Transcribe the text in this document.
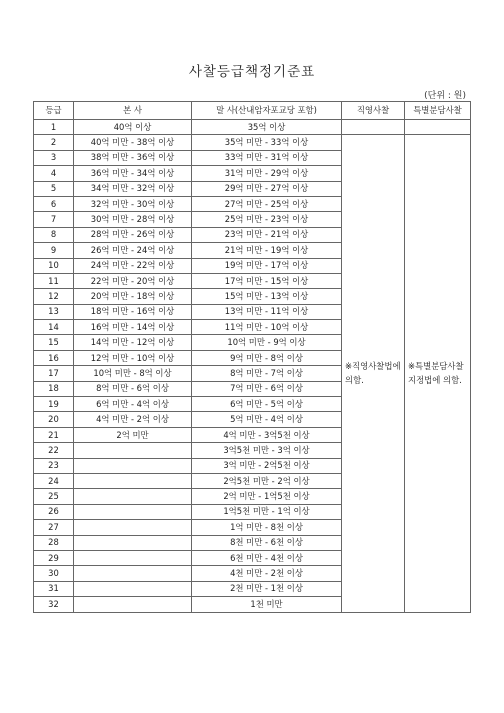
사찰등급책정기준표
(단위 : 원)
등급	본 사	말 사(산내암자포교당 포함)	직영사찰	특별분담사찰
1	40억 이상	35억 이상		
2	40억 미만 - 38억 이상	35억 미만 - 33억 이상	※직영사찰법에 의함.	※특별분담사찰지정법에 의함.
3	38억 미만 - 36억 이상	33억 미만 - 31억 이상		
4	36억 미만 - 34억 이상	31억 미만 - 29억 이상		
5	34억 미만 - 32억 이상	29억 미만 - 27억 이상		
6	32억 미만 - 30억 이상	27억 미만 - 25억 이상		
7	30억 미만 - 28억 이상	25억 미만 - 23억 이상		
8	28억 미만 - 26억 이상	23억 미만 - 21억 이상		
9	26억 미만 - 24억 이상	21억 미만 - 19억 이상		
10	24억 미만 - 22억 이상	19억 미만 - 17억 이상		
11	22억 미만 - 20억 이상	17억 미만 - 15억 이상		
12	20억 미만 - 18억 이상	15억 미만 - 13억 이상		
13	18억 미만 - 16억 이상	13억 미만 - 11억 이상		
14	16억 미만 - 14억 이상	11억 미만 - 10억 이상		
15	14억 미만 - 12억 이상	10억 미만 - 9억 이상		
16	12억 미만 - 10억 이상	9억 미만 - 8억 이상		
17	10억 미만 - 8억 이상	8억 미만 - 7억 이상		
18	8억 미만 - 6억 이상	7억 미만 - 6억 이상		
19	6억 미만 - 4억 이상	6억 미만 - 5억 이상		
20	4억 미만 - 2억 이상	5억 미만 - 4억 이상		
21	2억 미만	4억 미만 - 3억5천 이상		
22		3억5천 미만 - 3억 이상		
23		3억 미만 - 2억5천 이상		
24		2억5천 미만 - 2억 이상		
25		2억 미만 - 1억5천 이상		
26		1억5천 미만 - 1억 이상		
27		1억 미만 - 8천 이상		
28		8천 미만 - 6천 이상		
29		6천 미만 - 4천 이상		
30		4천 미만 - 2천 이상		
31		2천 미만 - 1천 이상		
32		1천 미만		
